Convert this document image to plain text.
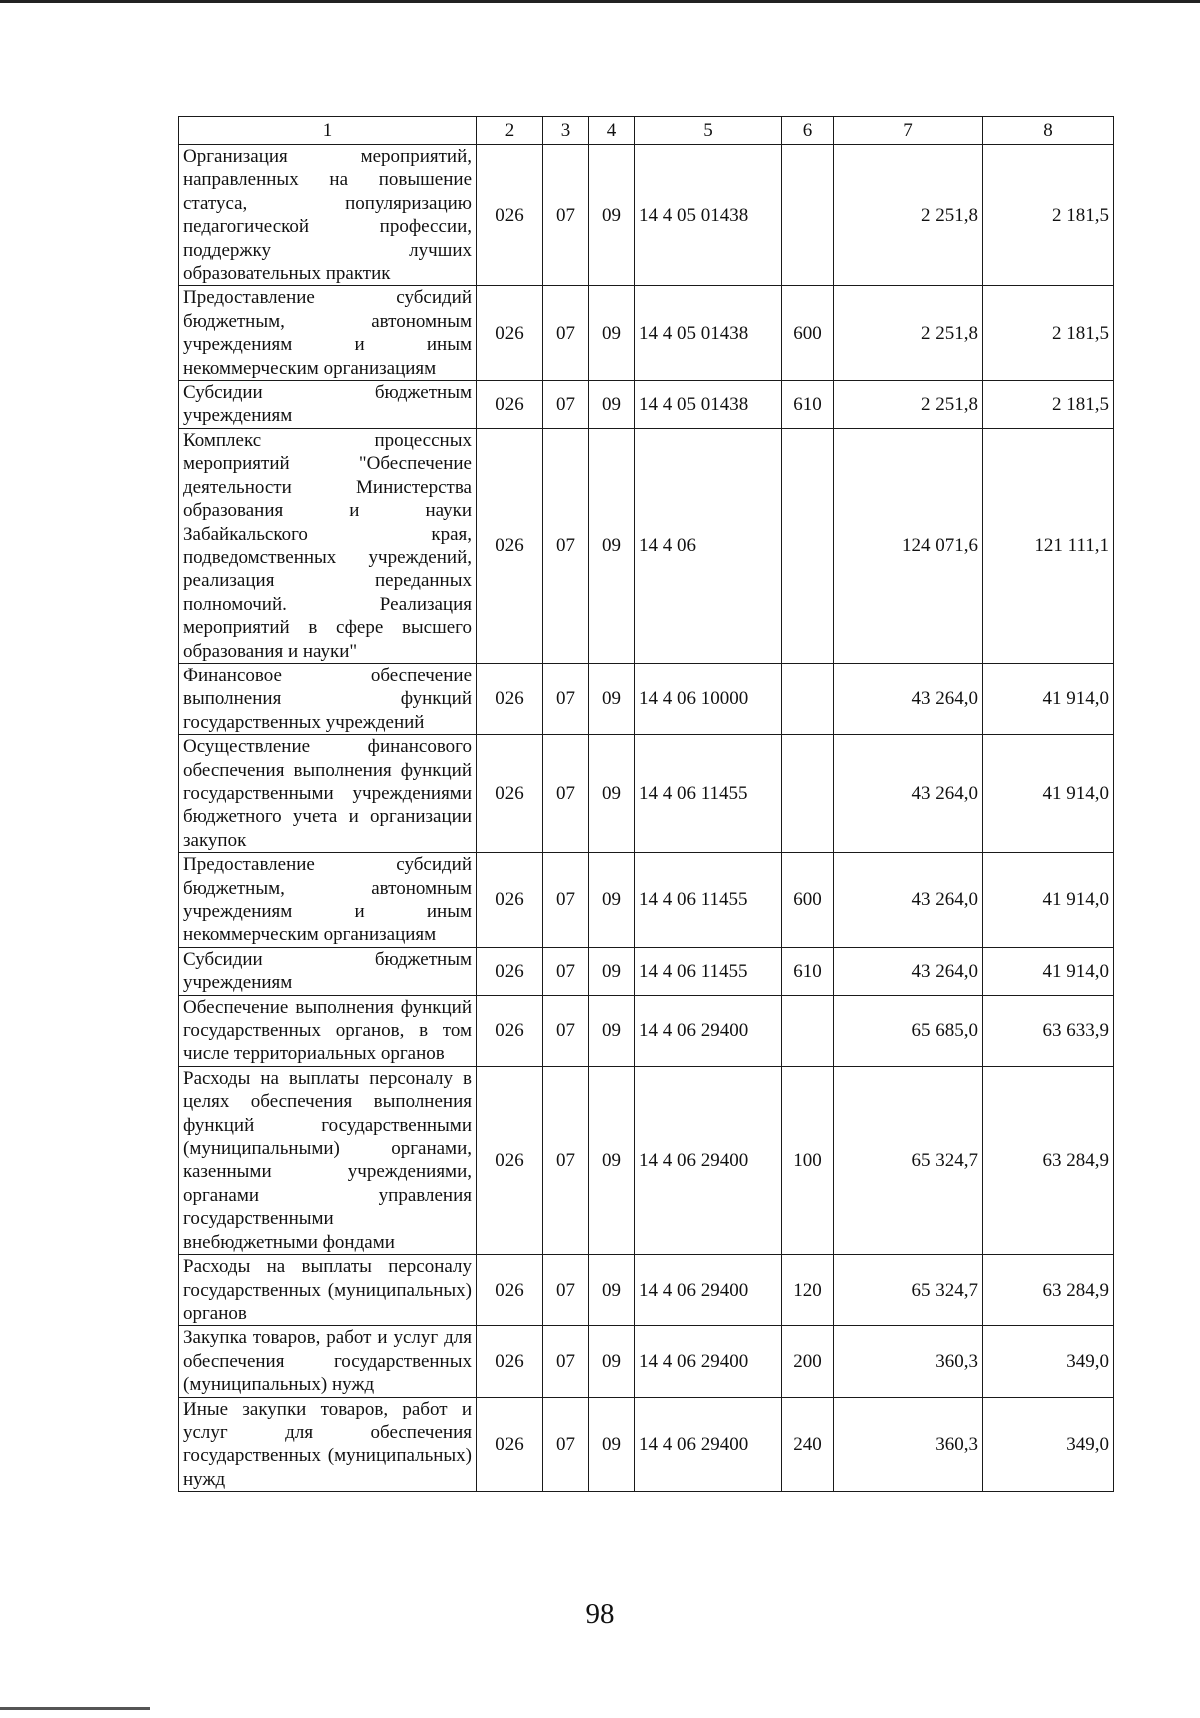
1	2	3	4	5	6	7	8
Организация мероприятий, направленных на повышение статуса, популяризацию педагогической профессии, поддержку лучших образовательных практик	026	07	09	14 4 05 01438		2 251,8	2 181,5
Предоставление субсидий бюджетным, автономным учреждениям и иным некоммерческим организациям	026	07	09	14 4 05 01438	600	2 251,8	2 181,5
Субсидии бюджетным учреждениям	026	07	09	14 4 05 01438	610	2 251,8	2 181,5
Комплекс процессных мероприятий "Обеспечение деятельности Министерства образования и науки Забайкальского края, подведомственных учреждений, реализация переданных полномочий. Реализация мероприятий в сфере высшего образования и науки"	026	07	09	14 4 06		124 071,6	121 111,1
Финансовое обеспечение выполнения функций государственных учреждений	026	07	09	14 4 06 10000		43 264,0	41 914,0
Осуществление финансового обеспечения выполнения функций государственными учреждениями бюджетного учета и организации закупок	026	07	09	14 4 06 11455		43 264,0	41 914,0
Предоставление субсидий бюджетным, автономным учреждениям и иным некоммерческим организациям	026	07	09	14 4 06 11455	600	43 264,0	41 914,0
Субсидии бюджетным учреждениям	026	07	09	14 4 06 11455	610	43 264,0	41 914,0
Обеспечение выполнения функций государственных органов, в том числе территориальных органов	026	07	09	14 4 06 29400		65 685,0	63 633,9
Расходы на выплаты персоналу в целях обеспечения выполнения функций государственными (муниципальными) органами, казенными учреждениями, органами управления государственными внебюджетными фондами	026	07	09	14 4 06 29400	100	65 324,7	63 284,9
Расходы на выплаты персоналу государственных (муниципальных) органов	026	07	09	14 4 06 29400	120	65 324,7	63 284,9
Закупка товаров, работ и услуг для обеспечения государственных (муниципальных) нужд	026	07	09	14 4 06 29400	200	360,3	349,0
Иные закупки товаров, работ и услуг для обеспечения государственных (муниципальных) нужд	026	07	09	14 4 06 29400	240	360,3	349,0
98
